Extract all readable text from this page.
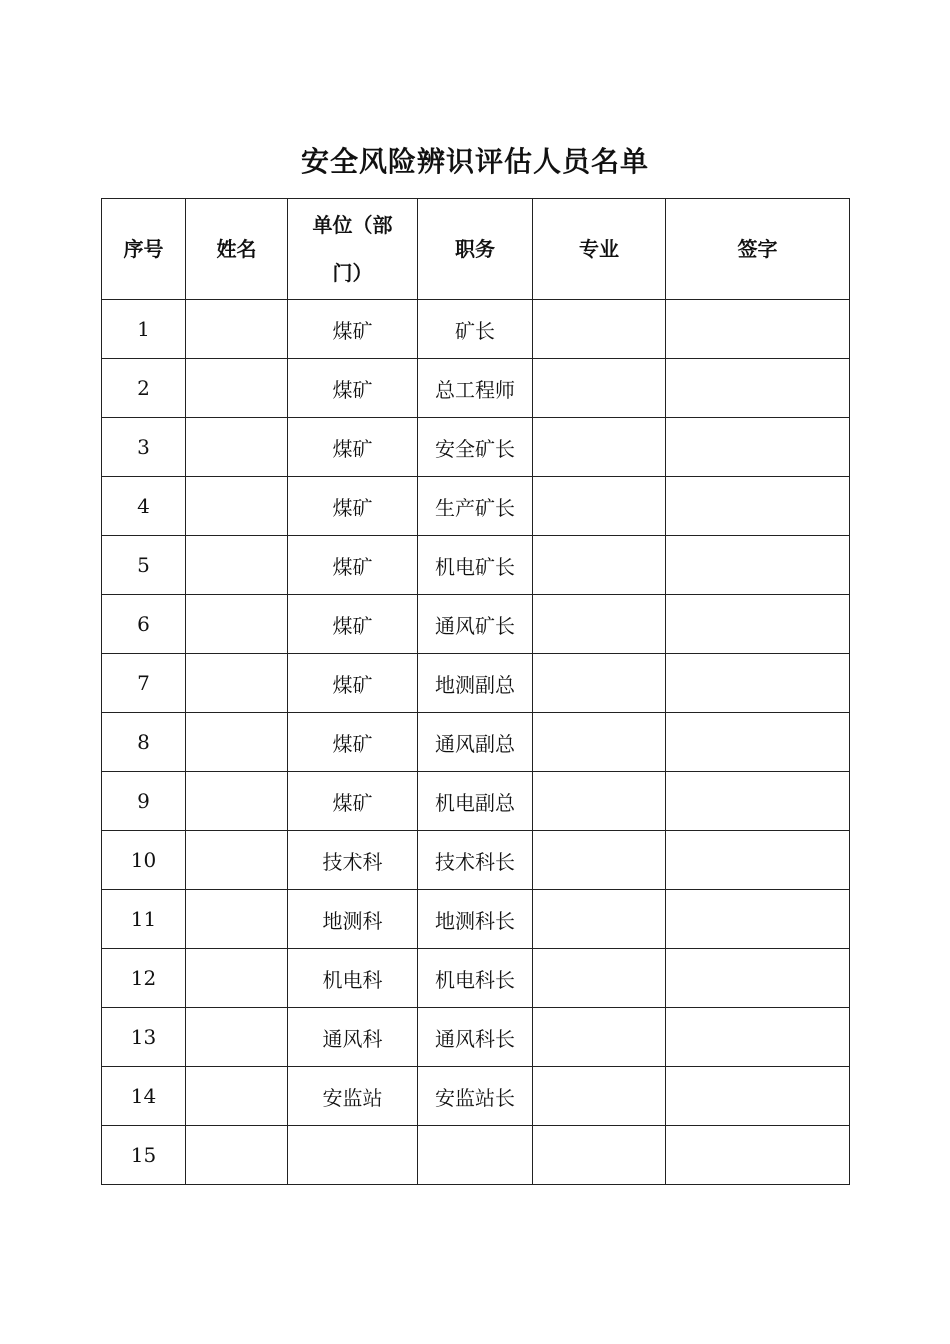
安全风险辨识评估人员名单
序号	姓名	单位（部门）	职务	专业	签字
1		煤矿	矿长		
2		煤矿	总工程师		
3		煤矿	安全矿长		
4		煤矿	生产矿长		
5		煤矿	机电矿长		
6		煤矿	通风矿长		
7		煤矿	地测副总		
8		煤矿	通风副总		
9		煤矿	机电副总		
10		技术科	技术科长		
11		地测科	地测科长		
12		机电科	机电科长		
13		通风科	通风科长		
14		安监站	安监站长		
15					
